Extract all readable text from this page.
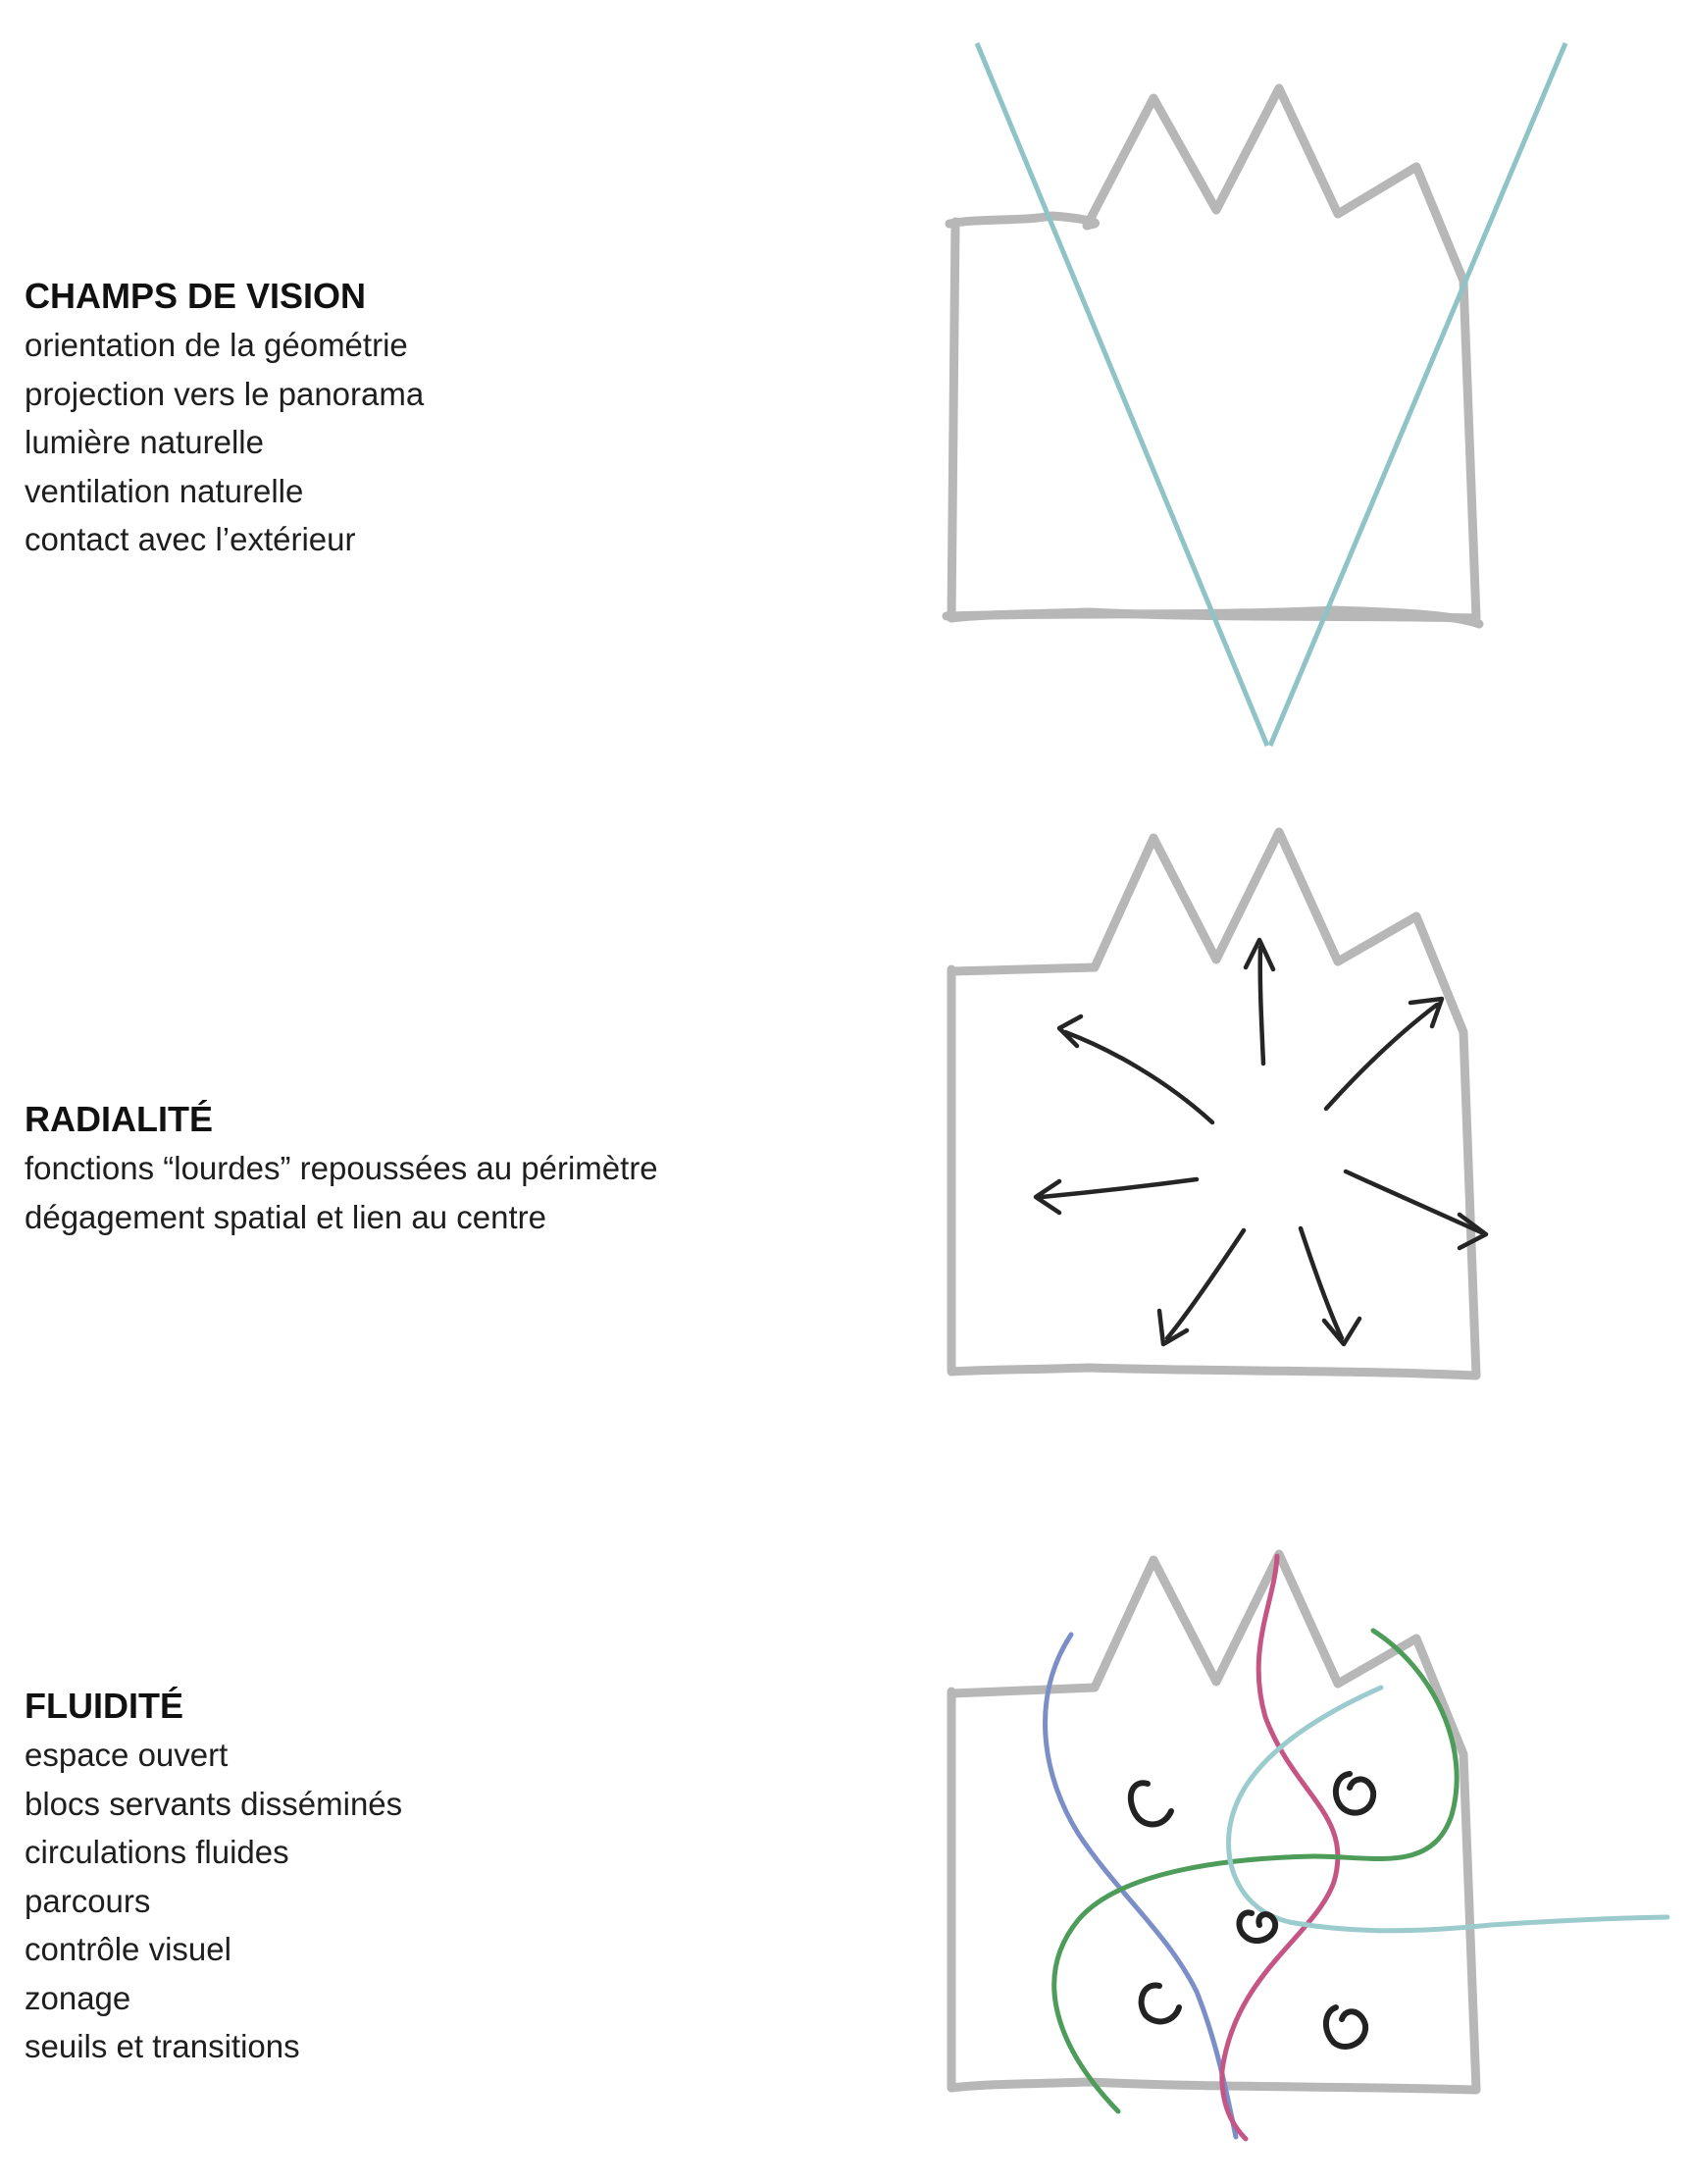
CHAMPS DE VISION

orientation de la géométrie

projection vers le panorama

lumière naturelle

ventilation naturelle

contact avec l’extérieur

RADIALITÉ

fonctions “lourdes” repoussées au périmètre

dégagement spatial et lien au centre

FLUIDITÉ

espace ouvert

blocs servants disséminés

circulations fluides

parcours

contrôle visuel

zonage

seuils et transitions
